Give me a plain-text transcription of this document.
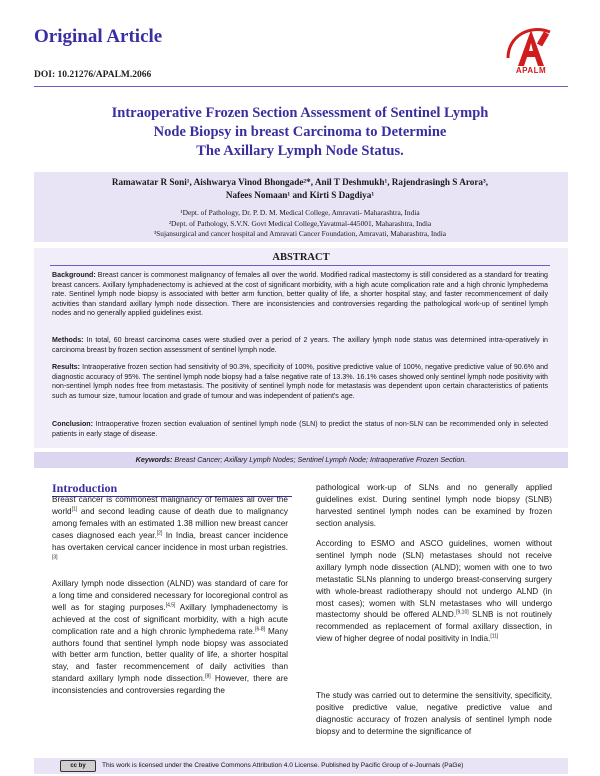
Original Article
DOI: 10.21276/APALM.2066	APALM
Intraoperative Frozen Section Assessment of Sentinel Lymph
Node Biopsy in breast Carcinoma to Determine
The Axillary Lymph Node Status.
Ramawatar R Soni¹, Aishwarya Vinod Bhongade²*, Anil T Deshmukh¹, Rajendrasingh S Arora³,
Nafees Nomaan¹ and Kirti S Dagdiya¹
¹Dept. of Pathology, Dr. P. D. M. Medical College, Amravati- Maharashtra, India
²Dept. of Pathology, S.V.N. Govt Medical College,Yavatmal-445001, Maharashtra, India
³Sujansurgical and cancer hospital and Amravati Cancer Foundation, Amravati, Maharashtra, India
ABSTRACT

Background: Breast cancer is commonest malignancy of females all over the world. Modified radical mastectomy is still considered as a standard for treating breast cancers. Axillary lymphadenectomy is achieved at the cost of significant morbidity, with a high acute complication rate and a high chronic lymphedema rate. Sentinel lymph node biopsy is associated with better arm function, better quality of life, a shorter hospital stay, and faster recommencement of daily activities than standard axillary lymph node dissection. There are inconsistencies and controversies regarding the pathological work-up of sentinel lymph nodes and no generally applied guidelines exist.

Methods: In total, 60 breast carcinoma cases were studied over a period of 2 years. The axillary lymph node status was determined intra-operatively in carcinoma breast by frozen section assessment of sentinel lymph node.

Results: Intraoperative frozen section had sensitivity of 90.3%, specificity of 100%, positive predictive value of 100%, negative predictive value of 90.6% and diagnostic accuracy of 95%. The sentinel lymph node biopsy had a false negative rate of 13.3%. 16.1% cases showed only sentinel lymph node positivity with non-sentinel lymph nodes free from metastasis. The positivity of sentinel lymph node for metastasis was dependent upon certain characteristics of patients such as tumour size, tumour location and grade of tumour and was independent of patient's age.

Conclusion: Intraoperative frozen section evaluation of sentinel lymph node (SLN) to predict the status of non-SLN can be recommended only in selected patients in early stage of disease.

Keywords: Breast Cancer; Axillary Lymph Nodes; Sentinel Lymph Node; Intraoperative Frozen Section.
Introduction

Breast cancer is commonest malignancy of females all over the world[1] and second leading cause of death due to malignancy among females with an estimated 1.38 million new breast cancer cases diagnosed each year.[2] In India, breast cancer incidence has overtaken cervical cancer incidence in most urban registries.[3]

Axillary lymph node dissection (ALND) was standard of care for a long time and considered necessary for locoregional control as well as for staging purposes.[4,5] Axillary lymphadenectomy is achieved at the cost of significant morbidity, with a high acute complication rate and a high chronic lymphedema rate.[6-8] Many authors found that sentinel lymph node biopsy was associated with better arm function, better quality of life, a shorter hospital stay, and faster recommencement of daily activities than standard axillary lymph node dissection.[8] However, there are inconsistencies and controversies regarding the

pathological work-up of SLNs and no generally applied guidelines exist. During sentinel lymph node biopsy (SLNB) harvested sentinel lymph nodes can be examined by frozen section analysis.

According to ESMO and ASCO guidelines, women without sentinel lymph node (SLN) metastases should not receive axillary lymph node dissection (ALND); women with one to two metastatic SLNs planning to undergo breast-conserving surgery with whole-breast radiotherapy should not undergo ALND (in most cases); women with SLN metastases who will undergo mastectomy should be offered ALND.[9,10] SLNB is not routinely recommended as replacement of formal axillary dissection, in view of higher degree of nodal positivity in India.[11]

The study was carried out to determine the sensitivity, specificity, positive predictive value, negative predictive value and diagnostic accuracy of frozen analysis of sentinel lymph node biopsy and to determine the significance of

cc by	This work is licensed under the Creative Commons Attribution 4.0 License. Published by Pacific Group of e-Journals (PaGe)
